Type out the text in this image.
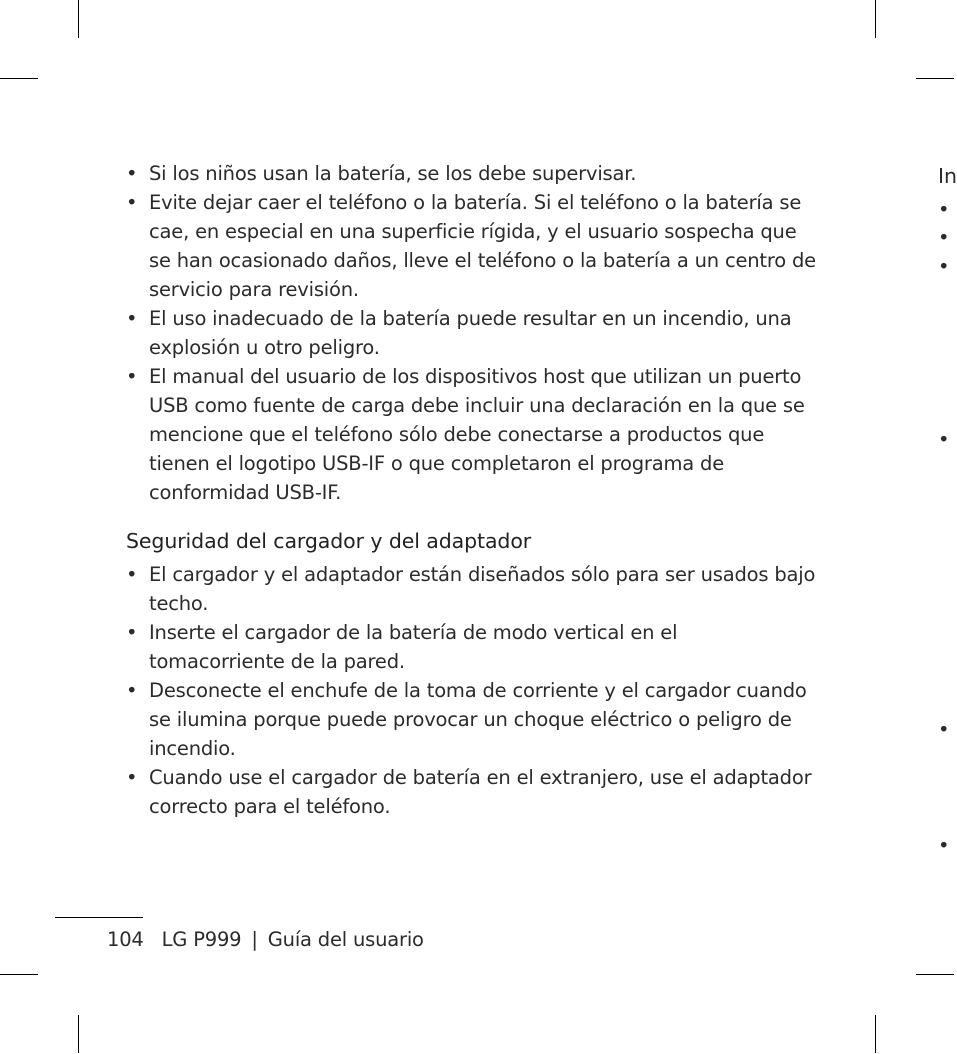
• Si los niños usan la batería, se los debe supervisar.
• Evite dejar caer el teléfono o la batería. Si el teléfono o la batería se cae, en especial en una superficie rígida, y el usuario sospecha que se han ocasionado daños, lleve el teléfono o la batería a un centro de servicio para revisión.
• El uso inadecuado de la batería puede resultar en un incendio, una explosión u otro peligro.
• El manual del usuario de los dispositivos host que utilizan un puerto USB como fuente de carga debe incluir una declaración en la que se mencione que el teléfono sólo debe conectarse a productos que tienen el logotipo USB-IF o que completaron el programa de conformidad USB-IF.
Seguridad del cargador y del adaptador
• El cargador y el adaptador están diseñados sólo para ser usados bajo techo.
• Inserte el cargador de la batería de modo vertical en el tomacorriente de la pared.
• Desconecte el enchufe de la toma de corriente y el cargador cuando se ilumina porque puede provocar un choque eléctrico o peligro de incendio.
• Cuando use el cargador de batería en el extranjero, use el adaptador correcto para el teléfono.
104 LG P999 | Guía del usuario
In
•
•
•
•
•
•
